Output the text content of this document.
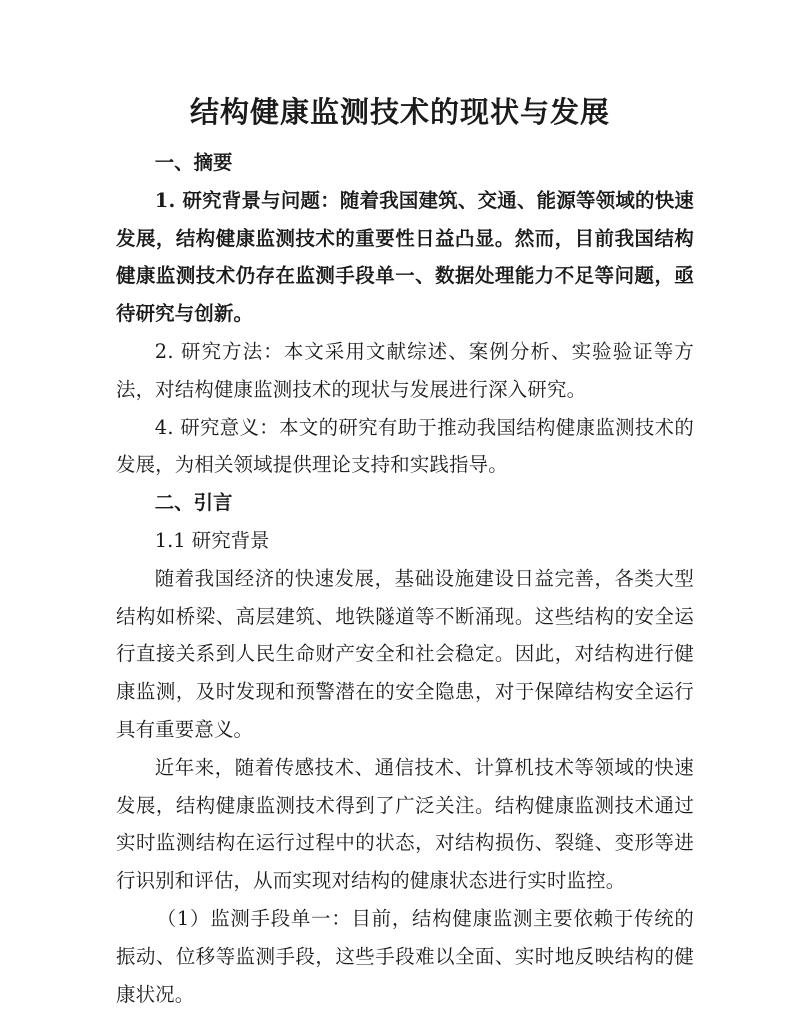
结构健康监测技术的现状与发展

一、摘要

1. 研究背景与问题：随着我国建筑、交通、能源等领域的快速发展，结构健康监测技术的重要性日益凸显。然而，目前我国结构健康监测技术仍存在监测手段单一、数据处理能力不足等问题，亟待研究与创新。

2. 研究方法：本文采用文献综述、案例分析、实验验证等方法，对结构健康监测技术的现状与发展进行深入研究。

4. 研究意义：本文的研究有助于推动我国结构健康监测技术的发展，为相关领域提供理论支持和实践指导。

二、引言

1.1 研究背景

随着我国经济的快速发展，基础设施建设日益完善，各类大型结构如桥梁、高层建筑、地铁隧道等不断涌现。这些结构的安全运行直接关系到人民生命财产安全和社会稳定。因此，对结构进行健康监测，及时发现和预警潜在的安全隐患，对于保障结构安全运行具有重要意义。

近年来，随着传感技术、通信技术、计算机技术等领域的快速发展，结构健康监测技术得到了广泛关注。结构健康监测技术通过实时监测结构在运行过程中的状态，对结构损伤、裂缝、变形等进行识别和评估，从而实现对结构的健康状态进行实时监控。

（1）监测手段单一：目前，结构健康监测主要依赖于传统的振动、位移等监测手段，这些手段难以全面、实时地反映结构的健康状况。
